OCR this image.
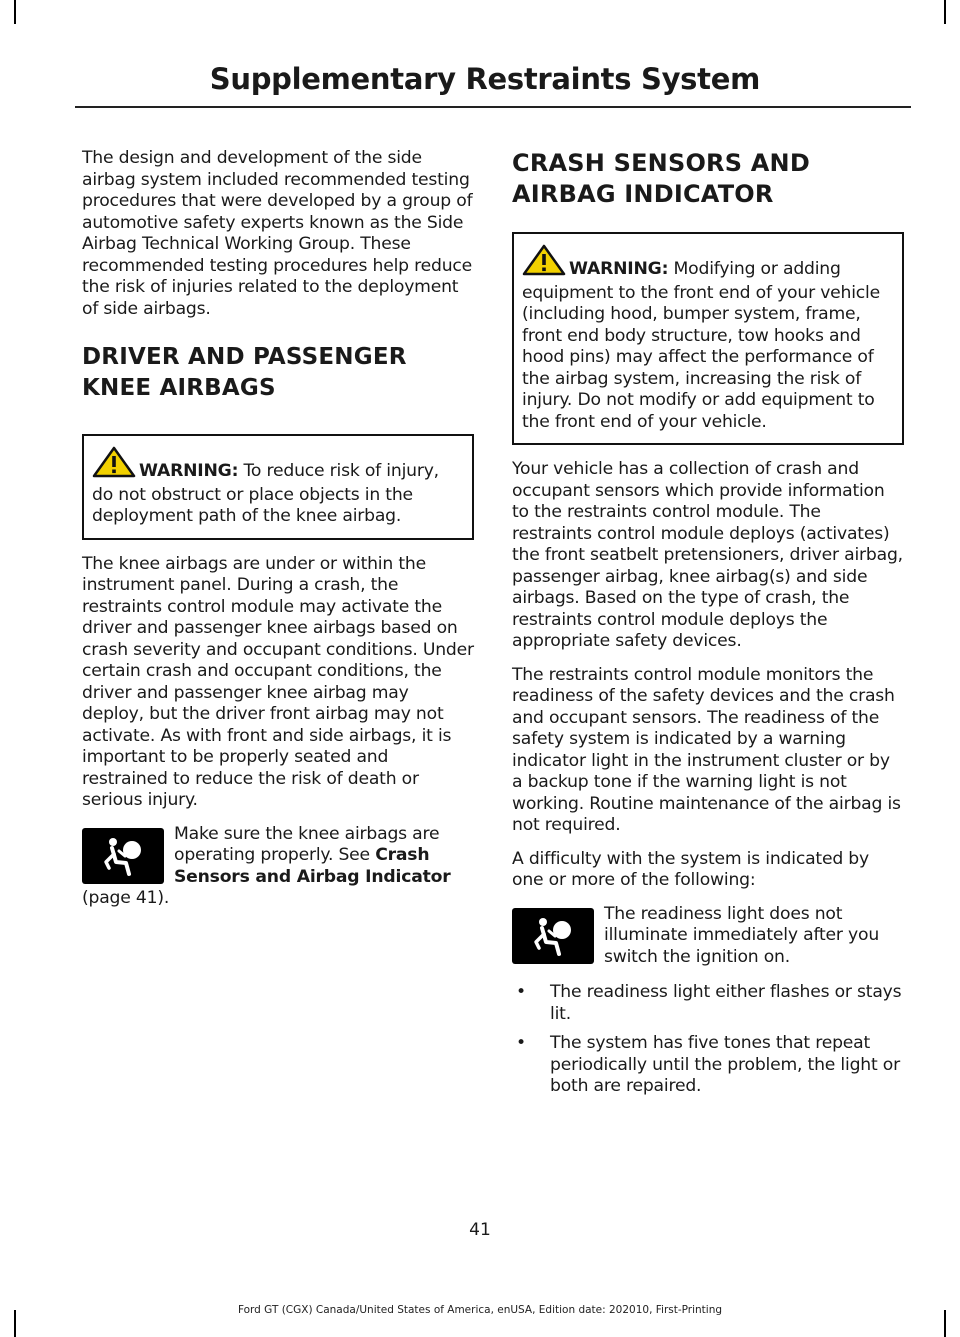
Supplementary Restraints System

The design and development of the side airbag system included recommended testing procedures that were developed by a group of automotive safety experts known as the Side Airbag Technical Working Group. These recommended testing procedures help reduce the risk of injuries related to the deployment of side airbags.

DRIVER AND PASSENGER
KNEE AIRBAGS
WARNING: To reduce risk of injury, do not obstruct or place objects in the deployment path of the knee airbag.

The knee airbags are under or within the instrument panel. During a crash, the restraints control module may activate the driver and passenger knee airbags based on crash severity and occupant conditions. Under certain crash and occupant conditions, the driver and passenger knee airbag may deploy, but the driver front airbag may not activate. As with front and side airbags, it is important to be properly seated and restrained to reduce the risk of death or serious injury.

Make sure the knee airbags are operating properly. See Crash Sensors and Airbag Indicator (page 41).

CRASH SENSORS AND
AIRBAG INDICATOR
WARNING: Modifying or adding equipment to the front end of your vehicle (including hood, bumper system, frame, front end body structure, tow hooks and hood pins) may affect the performance of the airbag system, increasing the risk of injury. Do not modify or add equipment to the front end of your vehicle.

Your vehicle has a collection of crash and occupant sensors which provide information to the restraints control module. The restraints control module deploys (activates) the front seatbelt pretensioners, driver airbag, passenger airbag, knee airbag(s) and side airbags. Based on the type of crash, the restraints control module deploys the appropriate safety devices.

The restraints control module monitors the readiness of the safety devices and the crash and occupant sensors. The readiness of the safety system is indicated by a warning indicator light in the instrument cluster or by a backup tone if the warning light is not working. Routine maintenance of the airbag is not required.

A difficulty with the system is indicated by one or more of the following:

The readiness light does not illuminate immediately after you switch the ignition on.

• The readiness light either flashes or stays lit.
• The system has five tones that repeat periodically until the problem, the light or both are repaired.
41
Ford GT (CGX) Canada/United States of America, enUSA, Edition date: 202010, First-Printing
